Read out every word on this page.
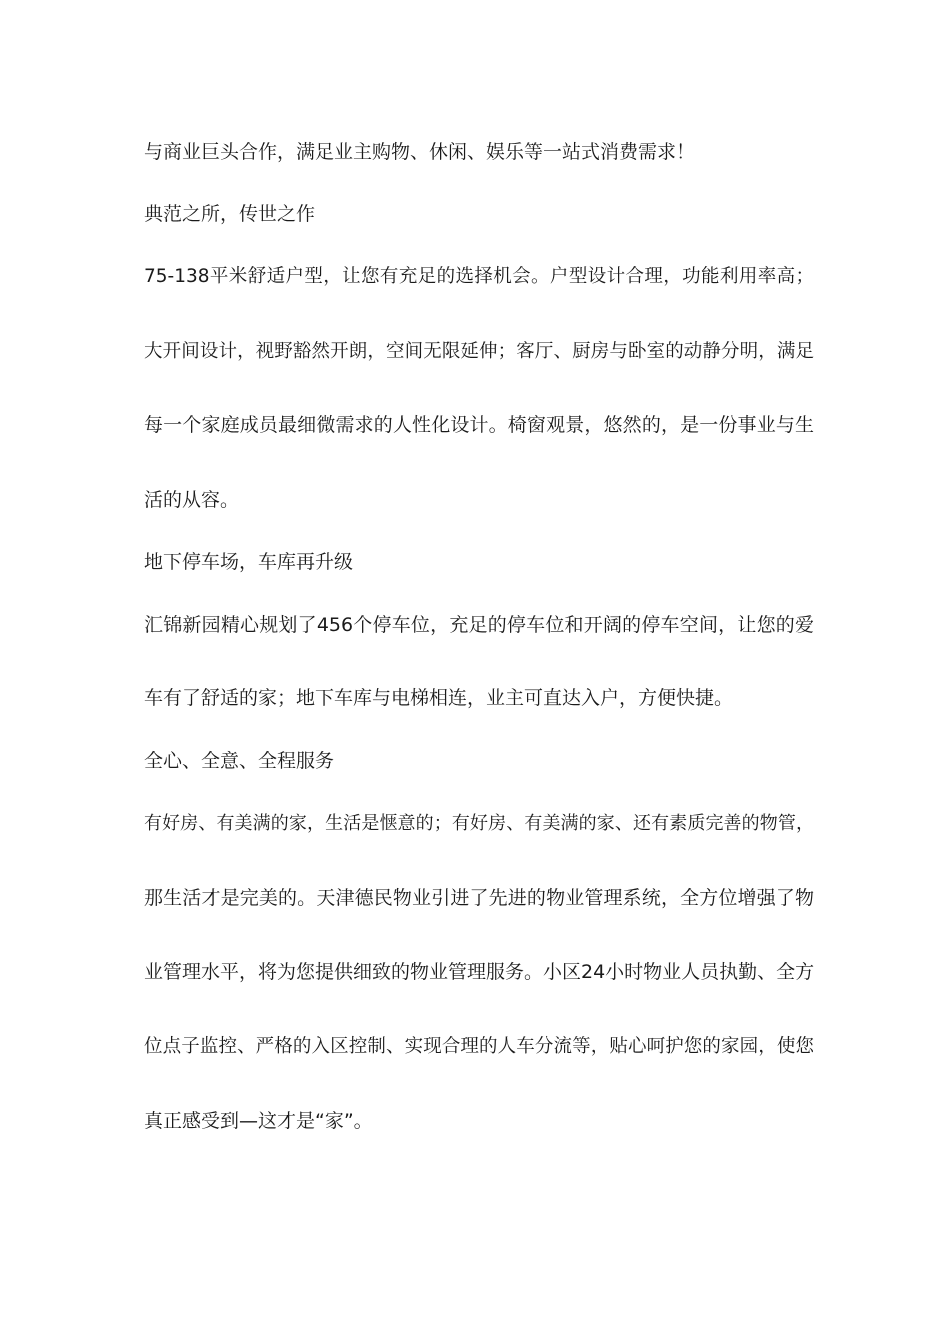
与商业巨头合作，满足业主购物、休闲、娱乐等一站式消费需求！
典范之所，传世之作
75-138平米舒适户型，让您有充足的选择机会。户型设计合理，功能利用率高；
大开间设计，视野豁然开朗，空间无限延伸；客厅、厨房与卧室的动静分明，满足
每一个家庭成员最细微需求的人性化设计。椅窗观景，悠然的，是一份事业与生
活的从容。
地下停车场，车库再升级
汇锦新园精心规划了456个停车位，充足的停车位和开阔的停车空间，让您的爱
车有了舒适的家；地下车库与电梯相连，业主可直达入户，方便快捷。
全心、全意、全程服务
有好房、有美满的家，生活是惬意的；有好房、有美满的家、还有素质完善的物管，
那生活才是完美的。天津德民物业引进了先进的物业管理系统，全方位增强了物
业管理水平，将为您提供细致的物业管理服务。小区24小时物业人员执勤、全方
位点子监控、严格的入区控制、实现合理的人车分流等，贴心呵护您的家园，使您
真正感受到—这才是“家”。
